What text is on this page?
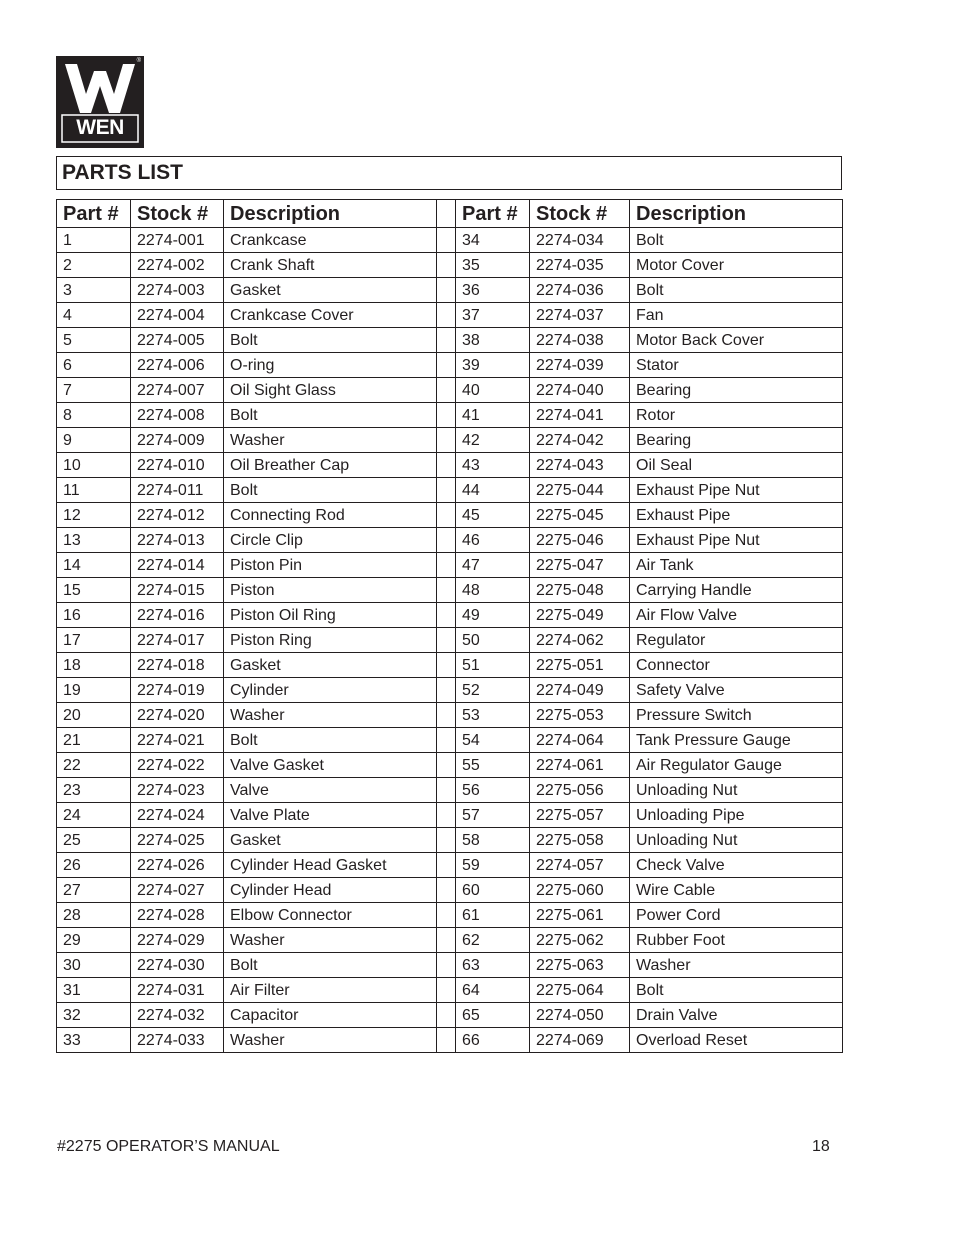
WEN
®
PARTS LIST
Part #	Stock #	Description		Part #	Stock #	Description
1	2274-001	Crankcase		34	2274-034	Bolt
2	2274-002	Crank Shaft		35	2274-035	Motor Cover
3	2274-003	Gasket		36	2274-036	Bolt
4	2274-004	Crankcase Cover		37	2274-037	Fan
5	2274-005	Bolt		38	2274-038	Motor Back Cover
6	2274-006	O-ring		39	2274-039	Stator
7	2274-007	Oil Sight Glass		40	2274-040	Bearing
8	2274-008	Bolt		41	2274-041	Rotor
9	2274-009	Washer		42	2274-042	Bearing
10	2274-010	Oil Breather Cap		43	2274-043	Oil Seal
11	2274-011	Bolt		44	2275-044	Exhaust Pipe Nut
12	2274-012	Connecting Rod		45	2275-045	Exhaust Pipe
13	2274-013	Circle Clip		46	2275-046	Exhaust Pipe Nut
14	2274-014	Piston Pin		47	2275-047	Air Tank
15	2274-015	Piston		48	2275-048	Carrying Handle
16	2274-016	Piston Oil Ring		49	2275-049	Air Flow Valve
17	2274-017	Piston Ring		50	2274-062	Regulator
18	2274-018	Gasket		51	2275-051	Connector
19	2274-019	Cylinder		52	2274-049	Safety Valve
20	2274-020	Washer		53	2275-053	Pressure Switch
21	2274-021	Bolt		54	2274-064	Tank Pressure Gauge
22	2274-022	Valve Gasket		55	2274-061	Air Regulator Gauge
23	2274-023	Valve		56	2275-056	Unloading Nut
24	2274-024	Valve Plate		57	2275-057	Unloading Pipe
25	2274-025	Gasket		58	2275-058	Unloading Nut
26	2274-026	Cylinder Head Gasket		59	2274-057	Check Valve
27	2274-027	Cylinder Head		60	2275-060	Wire Cable
28	2274-028	Elbow Connector		61	2275-061	Power Cord
29	2274-029	Washer		62	2275-062	Rubber Foot
30	2274-030	Bolt		63	2275-063	Washer
31	2274-031	Air Filter		64	2275-064	Bolt
32	2274-032	Capacitor		65	2274-050	Drain Valve
33	2274-033	Washer		66	2274-069	Overload Reset
#2275 OPERATOR’S MANUAL	18
